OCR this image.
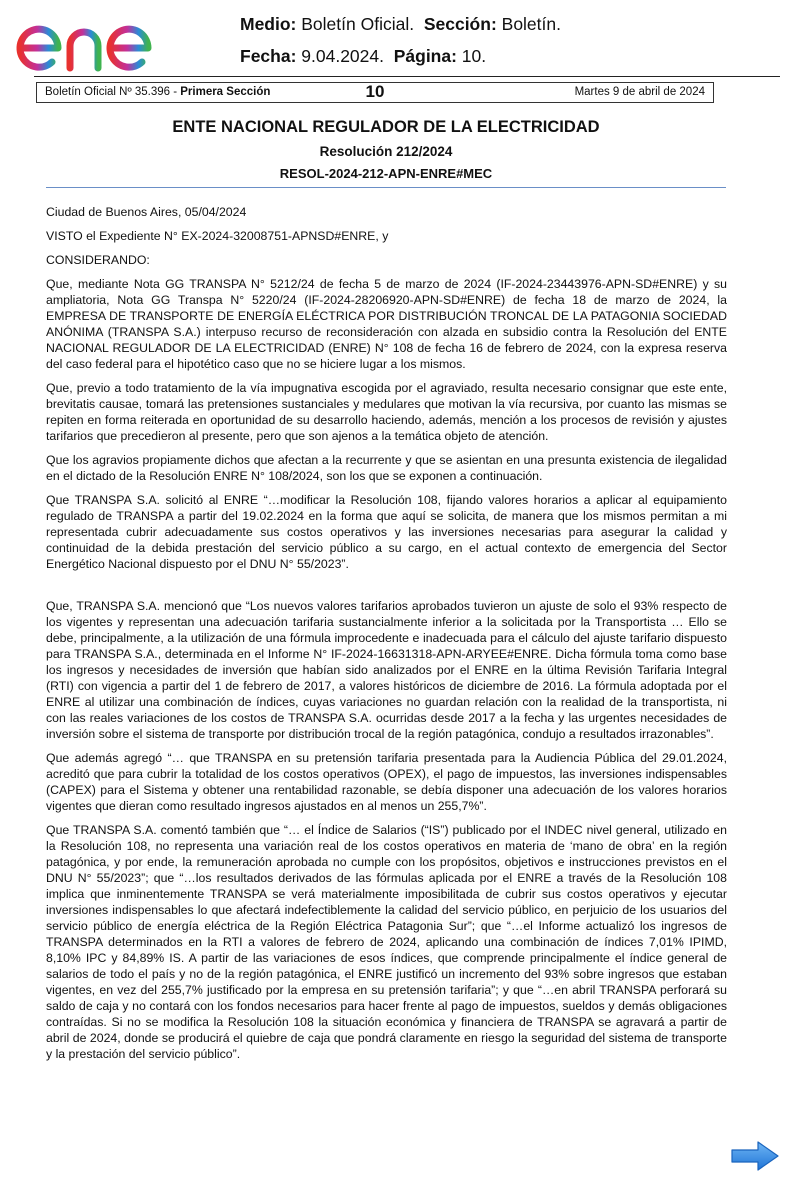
Medio: Boletín Oficial. Sección: Boletín.
Fecha: 9.04.2024. Página: 10.
Boletín Oficial Nº 35.396 - Primera Sección	10	Martes 9 de abril de 2024
ENTE NACIONAL REGULADOR DE LA ELECTRICIDAD
Resolución 212/2024
RESOL-2024-212-APN-ENRE#MEC

Ciudad de Buenos Aires, 05/04/2024

VISTO el Expediente N° EX-2024-32008751-APNSD#ENRE, y

CONSIDERANDO:

Que, mediante Nota GG TRANSPA N° 5212/24 de fecha 5 de marzo de 2024 (IF-2024-23443976-APN-SD#ENRE) y su ampliatoria, Nota GG Transpa N° 5220/24 (IF-2024-28206920-APN-SD#ENRE) de fecha 18 de marzo de 2024, la EMPRESA DE TRANSPORTE DE ENERGÍA ELÉCTRICA POR DISTRIBUCIÓN TRONCAL DE LA PATAGONIA SOCIEDAD ANÓNIMA (TRANSPA S.A.) interpuso recurso de reconsideración con alzada en subsidio contra la Resolución del ENTE NACIONAL REGULADOR DE LA ELECTRICIDAD (ENRE) N° 108 de fecha 16 de febrero de 2024, con la expresa reserva del caso federal para el hipotético caso que no se hiciere lugar a los mismos.

Que, previo a todo tratamiento de la vía impugnativa escogida por el agraviado, resulta necesario consignar que este ente, brevitatis causae, tomará las pretensiones sustanciales y medulares que motivan la vía recursiva, por cuanto las mismas se repiten en forma reiterada en oportunidad de su desarrollo haciendo, además, mención a los procesos de revisión y ajustes tarifarios que precedieron al presente, pero que son ajenos a la temática objeto de atención.

Que los agravios propiamente dichos que afectan a la recurrente y que se asientan en una presunta existencia de ilegalidad en el dictado de la Resolución ENRE N° 108/2024, son los que se exponen a continuación.

Que TRANSPA S.A. solicitó al ENRE “…modificar la Resolución 108, fijando valores horarios a aplicar al equipamiento regulado de TRANSPA a partir del 19.02.2024 en la forma que aquí se solicita, de manera que los mismos permitan a mi representada cubrir adecuadamente sus costos operativos y las inversiones necesarias para asegurar la calidad y continuidad de la debida prestación del servicio público a su cargo, en el actual contexto de emergencia del Sector Energético Nacional dispuesto por el DNU N° 55/2023”.

Que, TRANSPA S.A. mencionó que “Los nuevos valores tarifarios aprobados tuvieron un ajuste de solo el 93% respecto de los vigentes y representan una adecuación tarifaria sustancialmente inferior a la solicitada por la Transportista … Ello se debe, principalmente, a la utilización de una fórmula improcedente e inadecuada para el cálculo del ajuste tarifario dispuesto para TRANSPA S.A., determinada en el Informe N° IF-2024-16631318-APN-ARYEE#ENRE. Dicha fórmula toma como base los ingresos y necesidades de inversión que habían sido analizados por el ENRE en la última Revisión Tarifaria Integral (RTI) con vigencia a partir del 1 de febrero de 2017, a valores históricos de diciembre de 2016. La fórmula adoptada por el ENRE al utilizar una combinación de índices, cuyas variaciones no guardan relación con la realidad de la transportista, ni con las reales variaciones de los costos de TRANSPA S.A. ocurridas desde 2017 a la fecha y las urgentes necesidades de inversión sobre el sistema de transporte por distribución trocal de la región patagónica, condujo a resultados irrazonables”.

Que además agregó “… que TRANSPA en su pretensión tarifaria presentada para la Audiencia Pública del 29.01.2024, acreditó que para cubrir la totalidad de los costos operativos (OPEX), el pago de impuestos, las inversiones indispensables (CAPEX) para el Sistema y obtener una rentabilidad razonable, se debía disponer una adecuación de los valores horarios vigentes que dieran como resultado ingresos ajustados en al menos un 255,7%”.

Que TRANSPA S.A. comentó también que “… el Índice de Salarios (“IS”) publicado por el INDEC nivel general, utilizado en la Resolución 108, no representa una variación real de los costos operativos en materia de ‘mano de obra’ en la región patagónica, y por ende, la remuneración aprobada no cumple con los propósitos, objetivos e instrucciones previstos en el DNU N° 55/2023”; que “…los resultados derivados de las fórmulas aplicada por el ENRE a través de la Resolución 108 implica que inminentemente TRANSPA se verá materialmente imposibilitada de cubrir sus costos operativos y ejecutar inversiones indispensables lo que afectará indefectiblemente la calidad del servicio público, en perjuicio de los usuarios del servicio público de energía eléctrica de la Región Eléctrica Patagonia Sur”; que “…el Informe actualizó los ingresos de TRANSPA determinados en la RTI a valores de febrero de 2024, aplicando una combinación de índices 7,01% IPIMD, 8,10% IPC y 84,89% IS. A partir de las variaciones de esos índices, que comprende principalmente el índice general de salarios de todo el país y no de la región patagónica, el ENRE justificó un incremento del 93% sobre ingresos que estaban vigentes, en vez del 255,7% justificado por la empresa en su pretensión tarifaria”; y que “…en abril TRANSPA perforará su saldo de caja y no contará con los fondos necesarios para hacer frente al pago de impuestos, sueldos y demás obligaciones contraídas. Si no se modifica la Resolución 108 la situación económica y financiera de TRANSPA se agravará a partir de abril de 2024, donde se producirá el quiebre de caja que pondrá claramente en riesgo la seguridad del sistema de transporte y la prestación del servicio público”.
